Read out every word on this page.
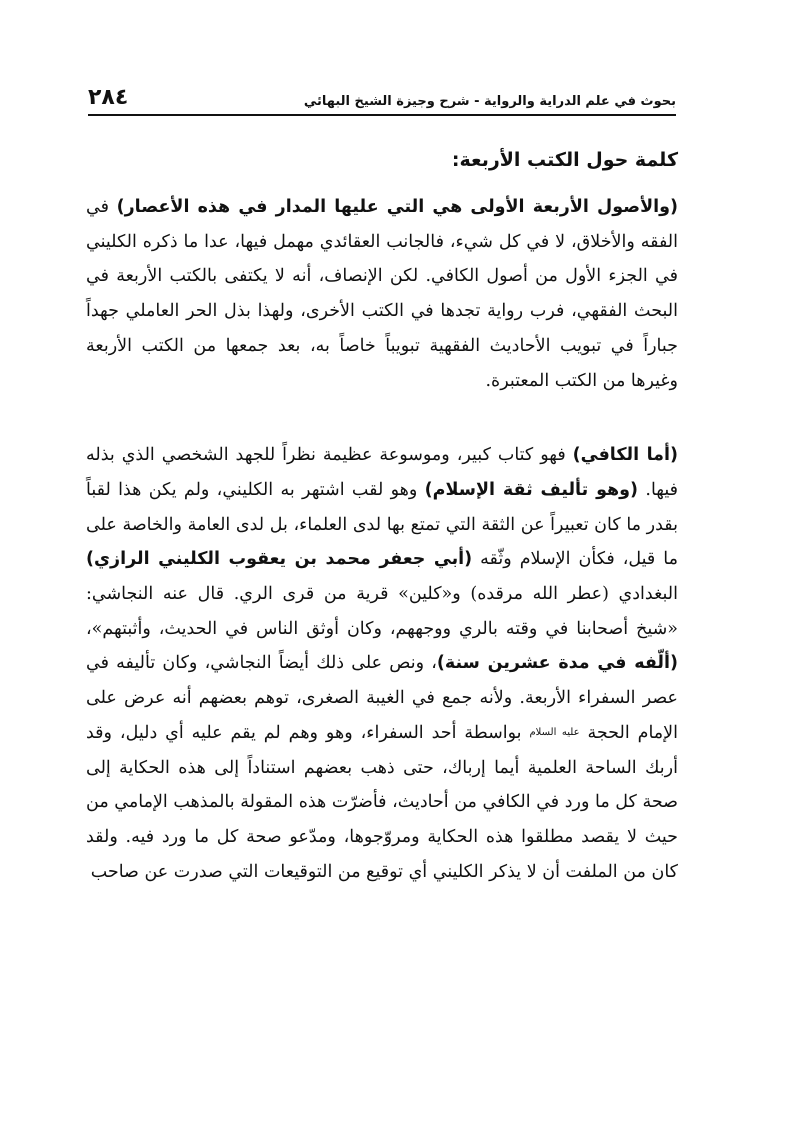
٢٨٤	بحوث في علم الدراية والرواية - شرح وجيزة الشيخ البهائي
كلمة حول الكتب الأربعة:

(والأصول الأربعة الأولى هي التي عليها المدار في هذه الأعصار) في الفقه والأخلاق، لا في كل شيء، فالجانب العقائدي مهمل فيها، عدا ما ذكره الكليني في الجزء الأول من أصول الكافي. لكن الإنصاف، أنه لا يكتفى بالكتب الأربعة في البحث الفقهي، فرب رواية تجدها في الكتب الأخرى، ولهذا بذل الحر العاملي جهداً جباراً في تبويب الأحاديث الفقهية تبويباً خاصاً به، بعد جمعها من الكتب الأربعة وغيرها من الكتب المعتبرة.

(أما الكافي) فهو كتاب كبير، وموسوعة عظيمة نظراً للجهد الشخصي الذي بذله فيها. (وهو تأليف ثقة الإسلام) وهو لقب اشتهر به الكليني، ولم يكن هذا لقباً بقدر ما كان تعبيراً عن الثقة التي تمتع بها لدى العلماء، بل لدى العامة والخاصة على ما قيل، فكأن الإسلام وثّقه (أبي جعفر محمد بن يعقوب الكليني الرازي) البغدادي (عطر الله مرقده) و«كلين» قرية من قرى الري. قال عنه النجاشي: «شيخ أصحابنا في وقته بالري ووجههم، وكان أوثق الناس في الحديث، وأثبتهم»، (ألّفه في مدة عشرين سنة)، ونص على ذلك أيضاً النجاشي، وكان تأليفه في عصر السفراء الأربعة. ولأنه جمع في الغيبة الصغرى، توهم بعضهم أنه عرض على الإمام الحجة عليه السلام بواسطة أحد السفراء، وهو وهم لم يقم عليه أي دليل، وقد أربك الساحة العلمية أيما إرباك، حتى ذهب بعضهم استناداً إلى هذه الحكاية إلى صحة كل ما ورد في الكافي من أحاديث، فأضرّت هذه المقولة بالمذهب الإمامي من حيث لا يقصد مطلقوا هذه الحكاية ومروّجوها، ومدّعو صحة كل ما ورد فيه. ولقد كان من الملفت أن لا يذكر الكليني أي توقيع من التوقيعات التي صدرت عن صاحب
